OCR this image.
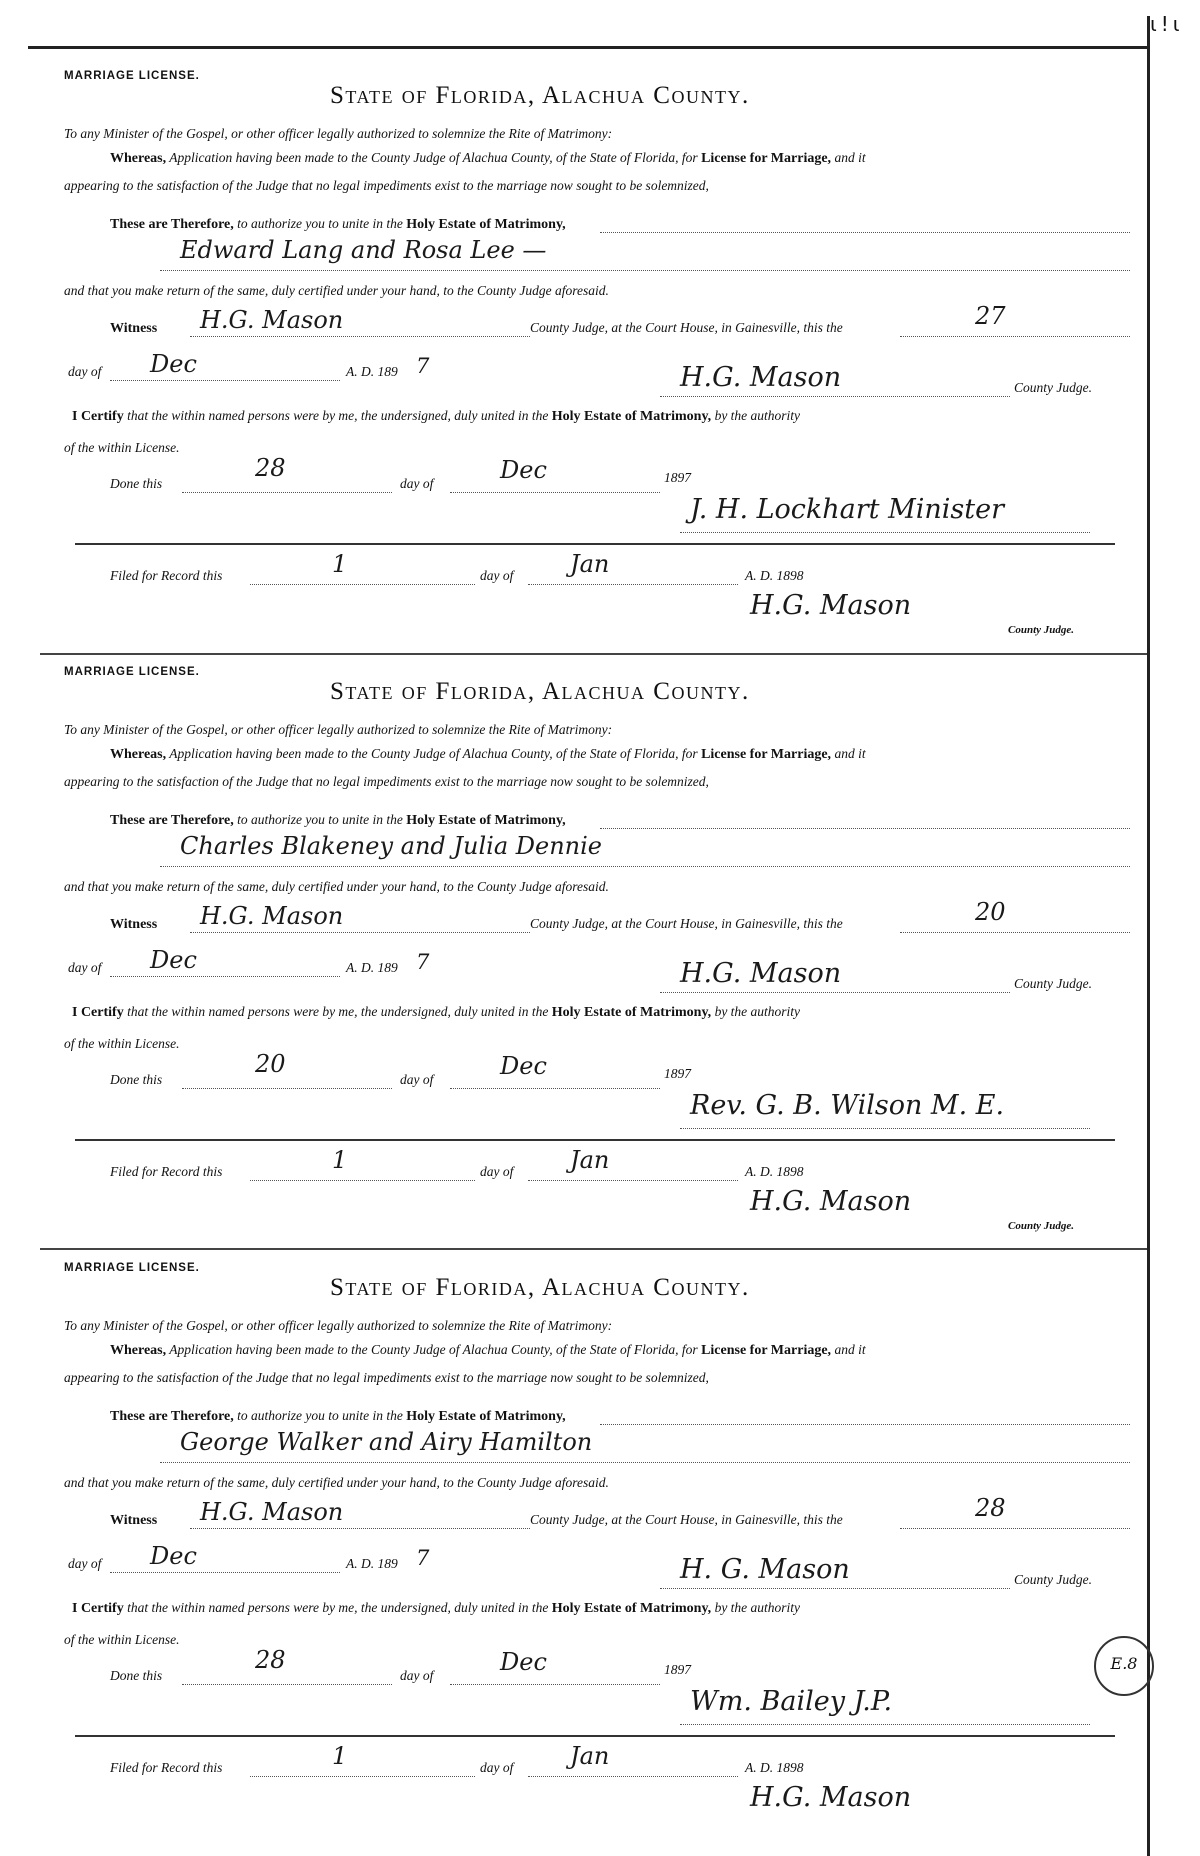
ɩ ! ɩ
MARRIAGE LICENSE.
State of Florida, Alachua County.
To any Minister of the Gospel, or other officer legally authorized to solemnize the Rite of Matrimony:
Whereas, Application having been made to the County Judge of Alachua County, of the State of Florida, for License for Marriage, and it
appearing to the satisfaction of the Judge that no legal impediments exist to the marriage now sought to be solemnized,
These are Therefore, to authorize you to unite in the Holy Estate of Matrimony,
Edward Lang and Rosa Lee —
and that you make return of the same, duly certified under your hand, to the County Judge aforesaid.
Witness H.G. Mason	County Judge, at the Court House, in Gainesville, this the	27
day of Dec	A. D. 189 7	H.G. Mason	County Judge.
I Certify that the within named persons were by me, the undersigned, duly united in the Holy Estate of Matrimony, by the authority
of the within License.
Done this
28
day of	Dec	1897
J. H. Lockhart Minister
Filed for Record this	1	day of Jan	A. D. 1898
H.G. Mason
County Judge.
MARRIAGE LICENSE.
State of Florida, Alachua County.
To any Minister of the Gospel, or other officer legally authorized to solemnize the Rite of Matrimony:
Whereas, Application having been made to the County Judge of Alachua County, of the State of Florida, for License for Marriage, and it
appearing to the satisfaction of the Judge that no legal impediments exist to the marriage now sought to be solemnized,
These are Therefore, to authorize you to unite in the Holy Estate of Matrimony,
Charles Blakeney and Julia Dennie
and that you make return of the same, duly certified under your hand, to the County Judge aforesaid.
Witness H.G. Mason	County Judge, at the Court House, in Gainesville, this the	20
day of Dec	A. D. 189 7	H.G. Mason	County Judge.
I Certify that the within named persons were by me, the undersigned, duly united in the Holy Estate of Matrimony, by the authority
of the within License.
Done this
20
day of	Dec	1897
Rev. G. B. Wilson M. E.
Filed for Record this	1	day of Jan	A. D. 1898
H.G. Mason
County Judge.
MARRIAGE LICENSE.
State of Florida, Alachua County.
To any Minister of the Gospel, or other officer legally authorized to solemnize the Rite of Matrimony:
Whereas, Application having been made to the County Judge of Alachua County, of the State of Florida, for License for Marriage, and it
appearing to the satisfaction of the Judge that no legal impediments exist to the marriage now sought to be solemnized,
These are Therefore, to authorize you to unite in the Holy Estate of Matrimony,
George Walker and Airy Hamilton
and that you make return of the same, duly certified under your hand, to the County Judge aforesaid.
Witness H.G. Mason	County Judge, at the Court House, in Gainesville, this the	28
day of Dec	A. D. 189 7	H. G. Mason	County Judge.
I Certify that the within named persons were by me, the undersigned, duly united in the Holy Estate of Matrimony, by the authority
of the within License.
Done this
28
day of	Dec	1897
Wm. Bailey J.P.
Filed for Record this	1	day of Jan	A. D. 1898
H.G. Mason
E.8
